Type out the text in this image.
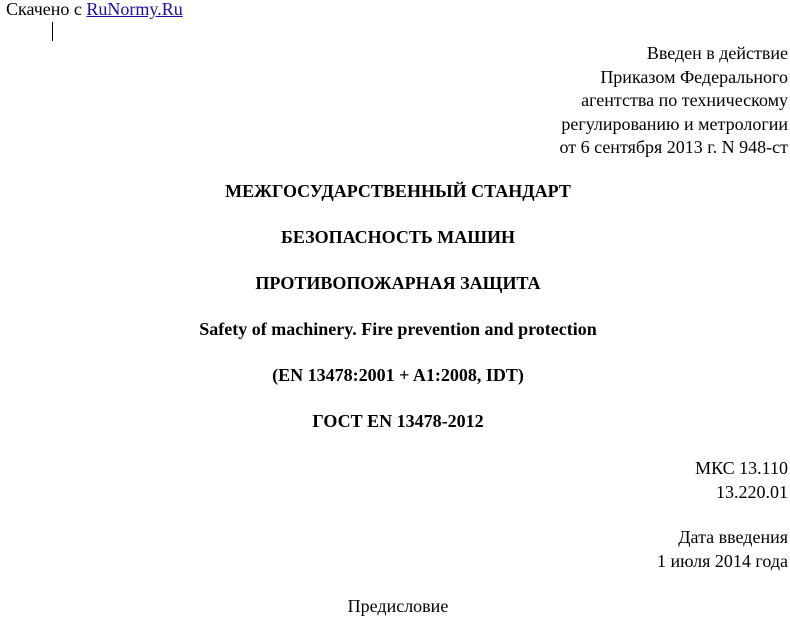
Скачено с RuNormy.Ru
Введен в действие
Приказом Федерального
агентства по техническому
регулированию и метрологии
от 6 сентября 2013 г. N 948-ст
МЕЖГОСУДАРСТВЕННЫЙ СТАНДАРТ
БЕЗОПАСНОСТЬ МАШИН
ПРОТИВОПОЖАРНАЯ ЗАЩИТА
Safety of machinery. Fire prevention and protection
(EN 13478:2001 + A1:2008, IDT)
ГОСТ EN 13478-2012
МКС 13.110
13.220.01
Дата введения
1 июля 2014 года
Предисловие
